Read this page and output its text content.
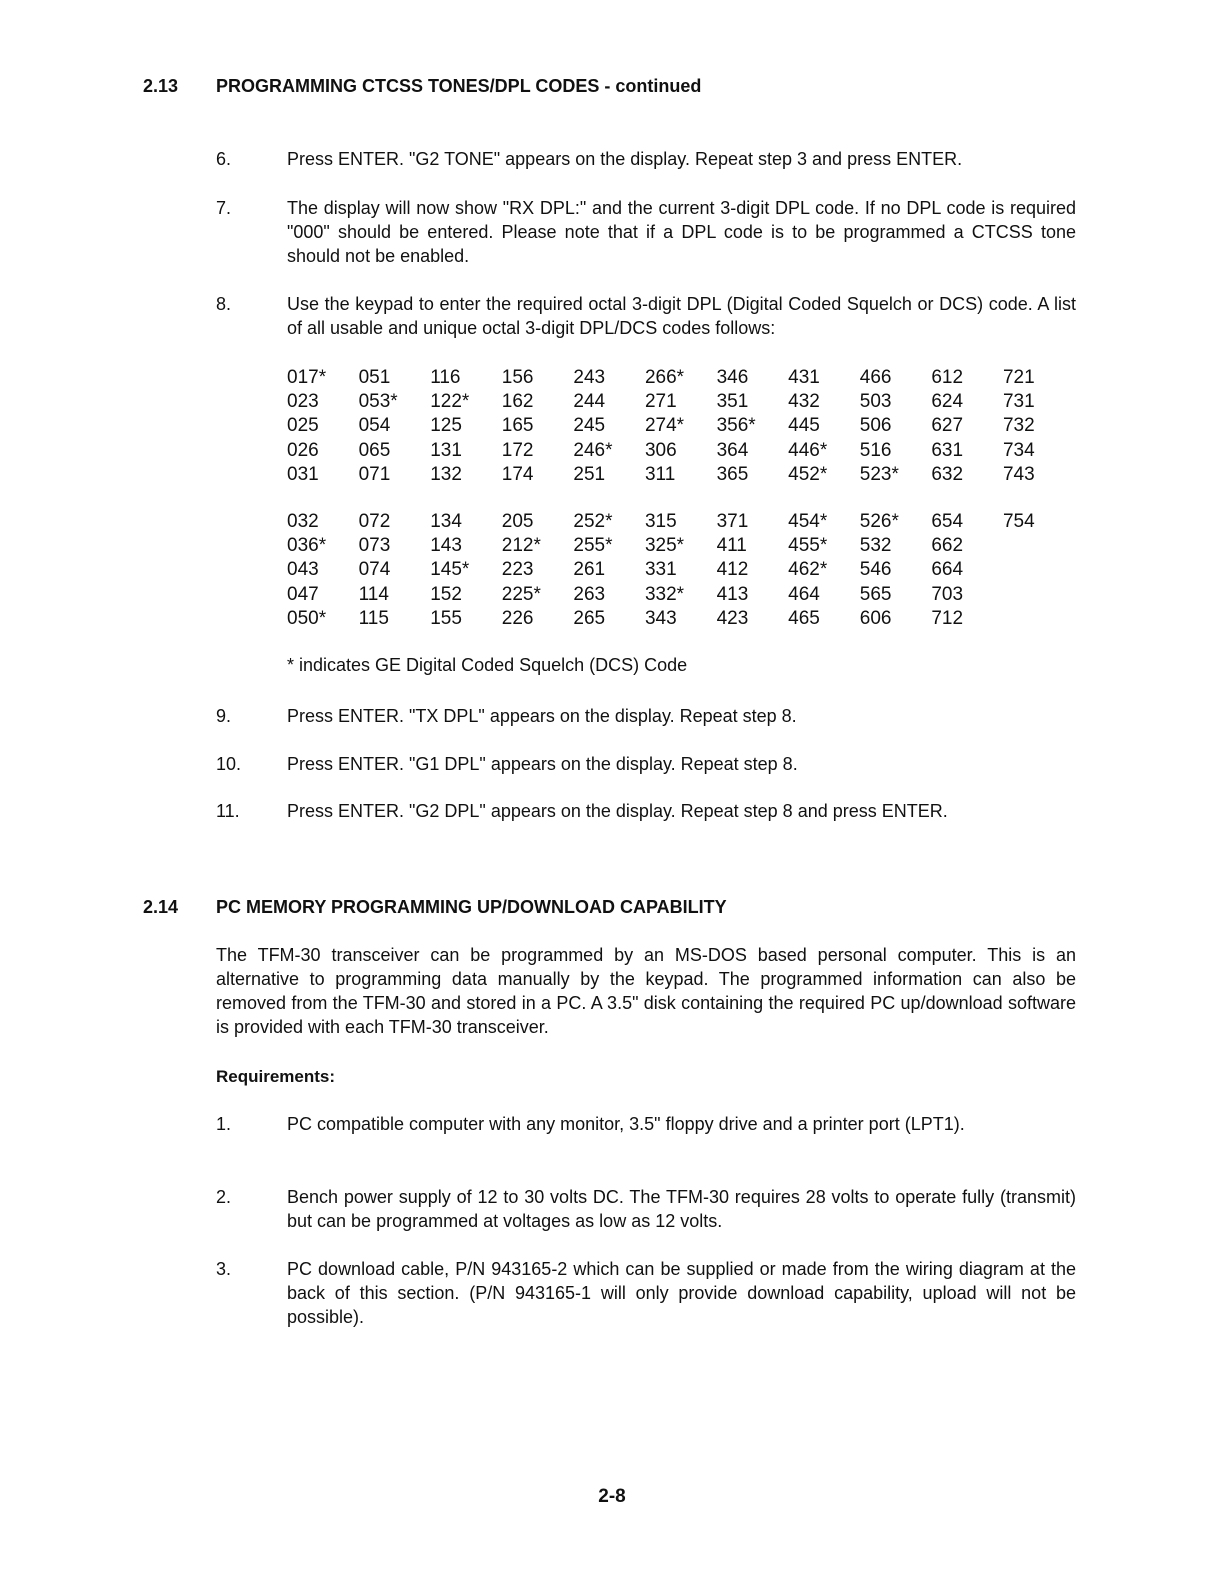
2.13 PROGRAMMING CTCSS TONES/DPL CODES - continued
6.	Press ENTER. "G2 TONE" appears on the display. Repeat step 3 and press ENTER.
7.	The display will now show "RX DPL:" and the current 3-digit DPL code. If no DPL code is required "000" should be entered. Please note that if a DPL code is to be programmed a CTCSS tone should not be enabled.
8.	Use the keypad to enter the required octal 3-digit DPL (Digital Coded Squelch or DCS) code. A list of all usable and unique octal 3-digit DPL/DCS codes follows:
017*	051	116	156	243	266*	346	431	466	612	721
023	053*	122*	162	244	271	351	432	503	624	731
025	054	125	165	245	274*	356*	445	506	627	732
026	065	131	172	246*	306	364	446*	516	631	734
031	071	132	174	251	311	365	452*	523*	632	743
032	072	134	205	252*	315	371	454*	526*	654	754
036*	073	143	212*	255*	325*	411	455*	532	662	
043	074	145*	223	261	331	412	462*	546	664	
047	114	152	225*	263	332*	413	464	565	703	
050*	115	155	226	265	343	423	465	606	712	
* indicates GE Digital Coded Squelch (DCS) Code
9.	Press ENTER. "TX DPL" appears on the display. Repeat step 8.
10.	Press ENTER. "G1 DPL" appears on the display. Repeat step 8.
11.	Press ENTER. "G2 DPL" appears on the display. Repeat step 8 and press ENTER.
2.14 PC MEMORY PROGRAMMING UP/DOWNLOAD CAPABILITY
The TFM-30 transceiver can be programmed by an MS-DOS based personal computer. This is an alternative to programming data manually by the keypad. The programmed information can also be removed from the TFM-30 and stored in a PC. A 3.5" disk containing the required PC up/download software is provided with each TFM-30 transceiver.
Requirements:
1.	PC compatible computer with any monitor, 3.5" floppy drive and a printer port (LPT1).
2.	Bench power supply of 12 to 30 volts DC. The TFM-30 requires 28 volts to operate fully (transmit) but can be programmed at voltages as low as 12 volts.
3.	PC download cable, P/N 943165-2 which can be supplied or made from the wiring diagram at the back of this section. (P/N 943165-1 will only provide download capability, upload will not be possible).
2-8
